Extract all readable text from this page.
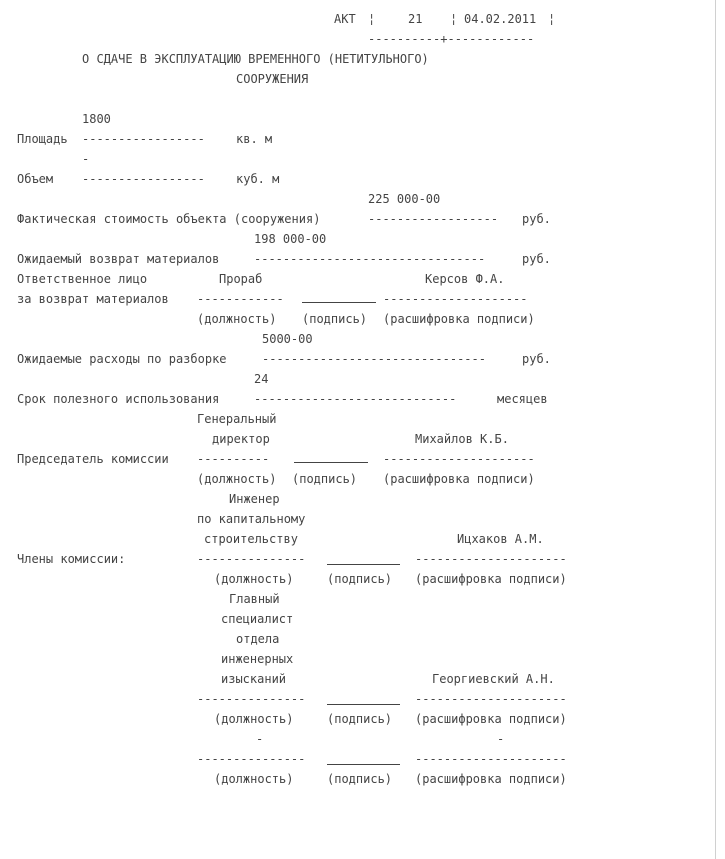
АКТ ¦	21 ¦ 04.02.2011 ¦
----------+------------
О СДАЧЕ В ЭКСПЛУАТАЦИЮ ВРЕМЕННОГО (НЕТИТУЛЬНОГО)
СООРУЖЕНИЯ
1800
Площадь -----------------	кв. м
-
Объем -----------------	куб. м
225 000-00
Фактическая стоимость объекта (сооружения)	------------------ руб.
198 000-00
Ожидаемый возврат материалов	--------------------------------	руб.
Ответственное лицо	Прораб	Керсов Ф.А.
за возврат материалов ------------	--------------------
(должность) (подпись) (расшифровка подписи)
5000-00
Ожидаемые расходы по разборке	-------------------------------	руб.
24
Срок полезного использования	----------------------------	месяцев
Генеральный
директор	Михайлов К.Б.
Председатель комиссии ----------	---------------------
(должность) (подпись) (расшифровка подписи)
Инженер
по капитальному
строительству	Ицхаков А.М.
Члены комиссии:	---------------	---------------------
(должность)	(подпись) (расшифровка подписи)
Главный
специалист
отдела
инженерных
изысканий	Георгиевский А.Н.
---------------	---------------------
(должность)	(подпись) (расшифровка подписи)
-	-
---------------	---------------------
(должность)	(подпись) (расшифровка подписи)
